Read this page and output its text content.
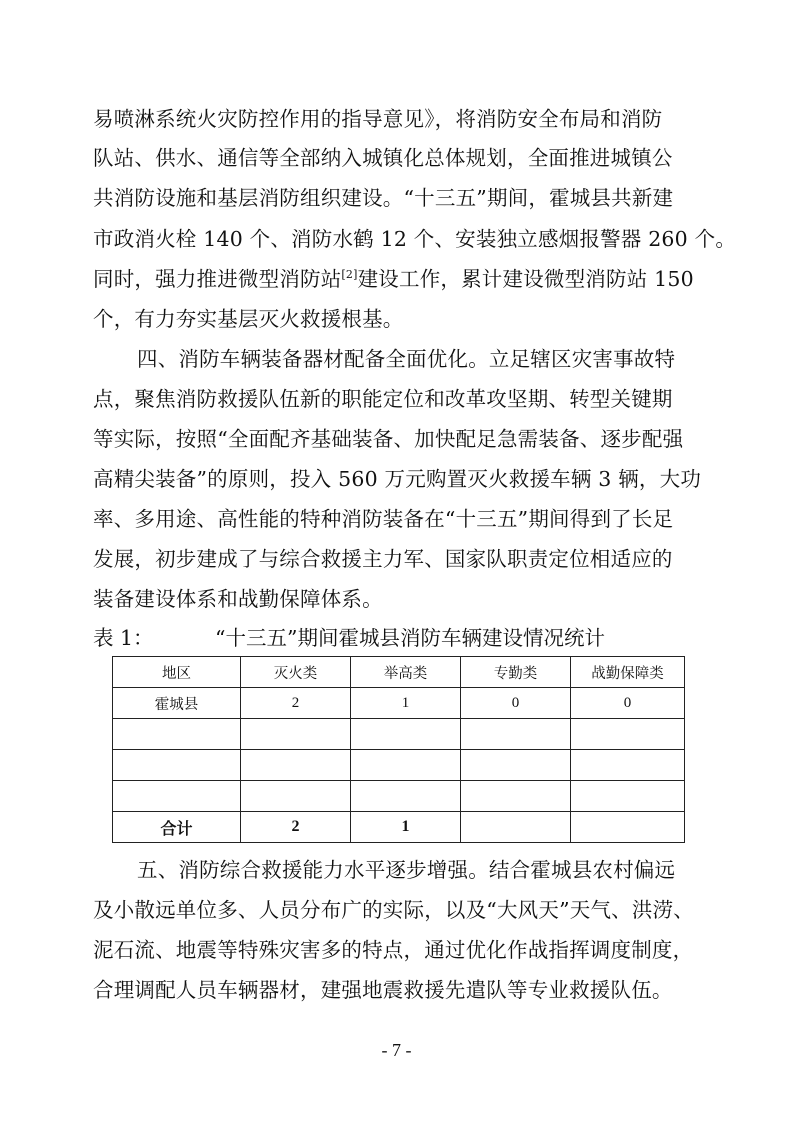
易喷淋系统火灾防控作用的指导意见》，将消防安全布局和消防
队站、供水、通信等全部纳入城镇化总体规划，全面推进城镇公
共消防设施和基层消防组织建设。“十三五”期间，霍城县共新建
市政消火栓 140 个、消防水鹤 12 个、安装独立感烟报警器 260 个。
同时，强力推进微型消防站[2]建设工作，累计建设微型消防站 150
个，有力夯实基层灭火救援根基。
四、消防车辆装备器材配备全面优化。立足辖区灾害事故特
点，聚焦消防救援队伍新的职能定位和改革攻坚期、转型关键期
等实际，按照“全面配齐基础装备、加快配足急需装备、逐步配强
高精尖装备”的原则，投入 560 万元购置灭火救援车辆 3 辆，大功
率、多用途、高性能的特种消防装备在“十三五”期间得到了长足
发展，初步建成了与综合救援主力军、国家队职责定位相适应的
装备建设体系和战勤保障体系。
表 1：	“十三五”期间霍城县消防车辆建设情况统计
地区	灭火类	举高类	专勤类	战勤保障类
霍城县	2	1	0	0

合计	2	1		
五、消防综合救援能力水平逐步增强。结合霍城县农村偏远
及小散远单位多、人员分布广的实际，以及“大风天”天气、洪涝、
泥石流、地震等特殊灾害多的特点，通过优化作战指挥调度制度，
合理调配人员车辆器材，建强地震救援先遣队等专业救援队伍。
- 7 -
